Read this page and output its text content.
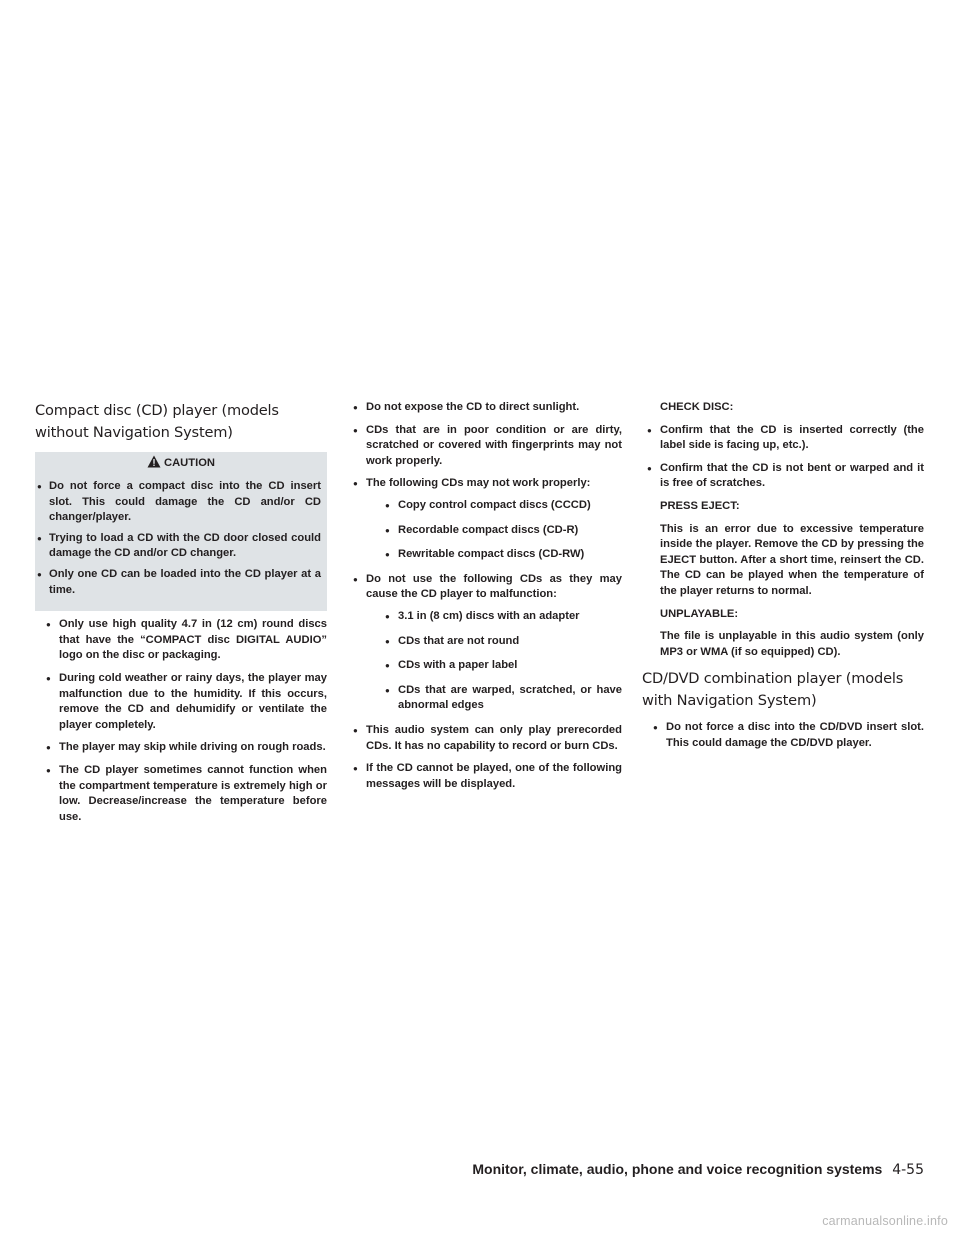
Compact disc (CD) player (models without Navigation System)
CAUTION
● Do not force a compact disc into the CD insert slot. This could damage the CD and/or CD changer/player.
● Trying to load a CD with the CD door closed could damage the CD and/or CD changer.
● Only one CD can be loaded into the CD player at a time.
● Only use high quality 4.7 in (12 cm) round discs that have the “COMPACT disc DIGITAL AUDIO” logo on the disc or packaging.
● During cold weather or rainy days, the player may malfunction due to the humidity. If this occurs, remove the CD and dehumidify or ventilate the player completely.
● The player may skip while driving on rough roads.
● The CD player sometimes cannot function when the compartment temperature is extremely high or low. Decrease/increase the temperature before use.
● Do not expose the CD to direct sunlight.
● CDs that are in poor condition or are dirty, scratched or covered with fingerprints may not work properly.
● The following CDs may not work properly:
● Copy control compact discs (CCCD)
● Recordable compact discs (CD-R)
● Rewritable compact discs (CD-RW)
● Do not use the following CDs as they may cause the CD player to malfunction:
● 3.1 in (8 cm) discs with an adapter
● CDs that are not round
● CDs with a paper label
● CDs that are warped, scratched, or have abnormal edges
● This audio system can only play prerecorded CDs. It has no capability to record or burn CDs.
● If the CD cannot be played, one of the following messages will be displayed.

CHECK DISC:

● Confirm that the CD is inserted correctly (the label side is facing up, etc.).
● Confirm that the CD is not bent or warped and it is free of scratches.

PRESS EJECT:

This is an error due to excessive temperature inside the player. Remove the CD by pressing the EJECT button. After a short time, reinsert the CD. The CD can be played when the temperature of the player returns to normal.

UNPLAYABLE:

The file is unplayable in this audio system (only MP3 or WMA (if so equipped) CD).

CD/DVD combination player (models with Navigation System)
● Do not force a disc into the CD/DVD insert slot. This could damage the CD/DVD player.
Monitor, climate, audio, phone and voice recognition systems 4-55
carmanualsonline.info
